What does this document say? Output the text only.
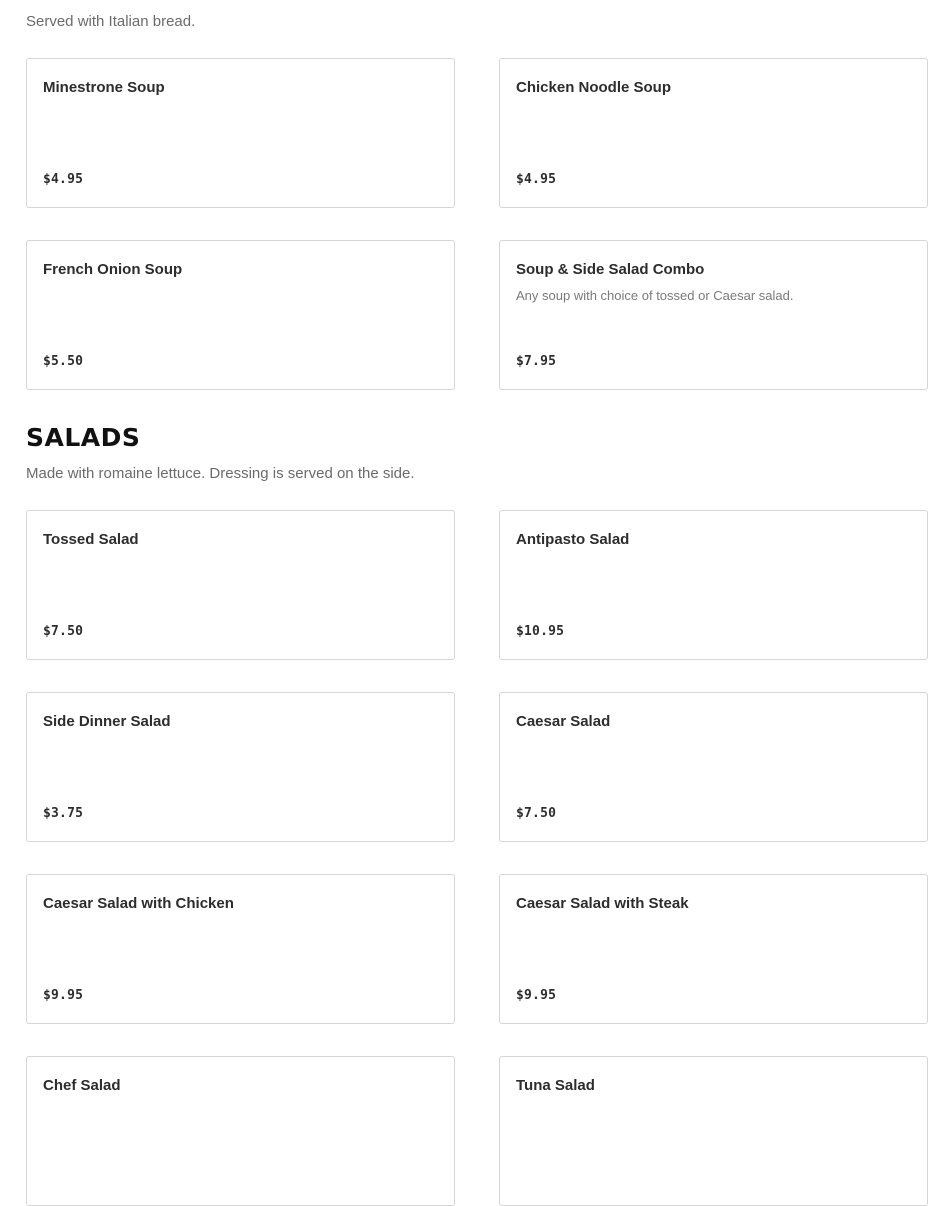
Served with Italian bread.

Minestrone Soup

$4.95

Chicken Noodle Soup

$4.95

French Onion Soup

$5.50

Soup & Side Salad Combo

Any soup with choice of tossed or Caesar salad.

$7.95
SALADS

Made with romaine lettuce. Dressing is served on the side.

Tossed Salad

$7.50

Antipasto Salad

$10.95

Side Dinner Salad

$3.75

Caesar Salad

$7.50

Caesar Salad with Chicken

$9.95

Caesar Salad with Steak

$9.95

Chef Salad	Tuna Salad
